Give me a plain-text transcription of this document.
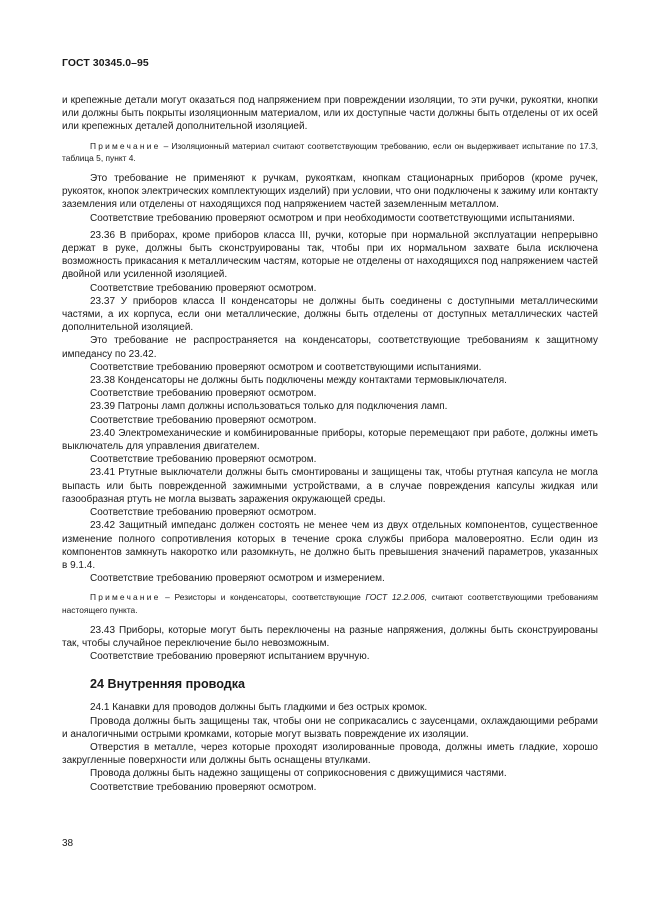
ГОСТ 30345.0–95

и крепежные детали могут оказаться под напряжением при повреждении изоляции, то эти ручки, рукоятки, кнопки или должны быть покрыты изоляционным материалом, или их доступные части должны быть отделены от их осей или крепежных деталей дополнительной изоляцией.

Примечание – Изоляционный материал считают соответствующим требованию, если он выдерживает испытание по 17.3, таблица 5, пункт 4.

Это требование не применяют к ручкам, рукояткам, кнопкам стационарных приборов (кроме ручек, рукояток, кнопок электрических комплектующих изделий) при условии, что они подключены к зажиму или контакту заземления или отделены от находящихся под напряжением частей заземленным металлом.

Соответствие требованию проверяют осмотром и при необходимости соответствующими испытаниями.

23.36 В приборах, кроме приборов класса III, ручки, которые при нормальной эксплуатации непрерывно держат в руке, должны быть сконструированы так, чтобы при их нормальном захвате была исключена возможность прикасания к металлическим частям, которые не отделены от находящихся под напряжением частей двойной или усиленной изоляцией.

Соответствие требованию проверяют осмотром.

23.37 У приборов класса II конденсаторы не должны быть соединены с доступными металлическими частями, а их корпуса, если они металлические, должны быть отделены от доступных металлических частей дополнительной изоляцией.

Это требование не распространяется на конденсаторы, соответствующие требованиям к защитному импедансу по 23.42.

Соответствие требованию проверяют осмотром и соответствующими испытаниями.

23.38 Конденсаторы не должны быть подключены между контактами термовыключателя.

Соответствие требованию проверяют осмотром.

23.39 Патроны ламп должны использоваться только для подключения ламп.

Соответствие требованию проверяют осмотром.

23.40 Электромеханические и комбинированные приборы, которые перемещают при работе, должны иметь выключатель для управления двигателем.

Соответствие требованию проверяют осмотром.

23.41 Ртутные выключатели должны быть смонтированы и защищены так, чтобы ртутная капсула не могла выпасть или быть поврежденной зажимными устройствами, а в случае повреждения капсулы жидкая или газообразная ртуть не могла вызвать заражения окружающей среды.

Соответствие требованию проверяют осмотром.

23.42 Защитный импеданс должен состоять не менее чем из двух отдельных компонентов, существенное изменение полного сопротивления которых в течение срока службы прибора маловероятно. Если один из компонентов замкнуть накоротко или разомкнуть, не должно быть превышения значений параметров, указанных в 9.1.4.

Соответствие требованию проверяют осмотром и измерением.

Примечание – Резисторы и конденсаторы, соответствующие ГОСТ 12.2.006, считают соответствующими требованиям настоящего пункта.

23.43 Приборы, которые могут быть переключены на разные напряжения, должны быть сконструированы так, чтобы случайное переключение было невозможным.

Соответствие требованию проверяют испытанием вручную.

24 Внутренняя проводка

24.1 Канавки для проводов должны быть гладкими и без острых кромок.

Провода должны быть защищены так, чтобы они не соприкасались с заусенцами, охлаждающими ребрами и аналогичными острыми кромками, которые могут вызвать повреждение их изоляции.

Отверстия в металле, через которые проходят изолированные провода, должны иметь гладкие, хорошо закругленные поверхности или должны быть оснащены втулками.

Провода должны быть надежно защищены от соприкосновения с движущимися частями.

Соответствие требованию проверяют осмотром.

38
